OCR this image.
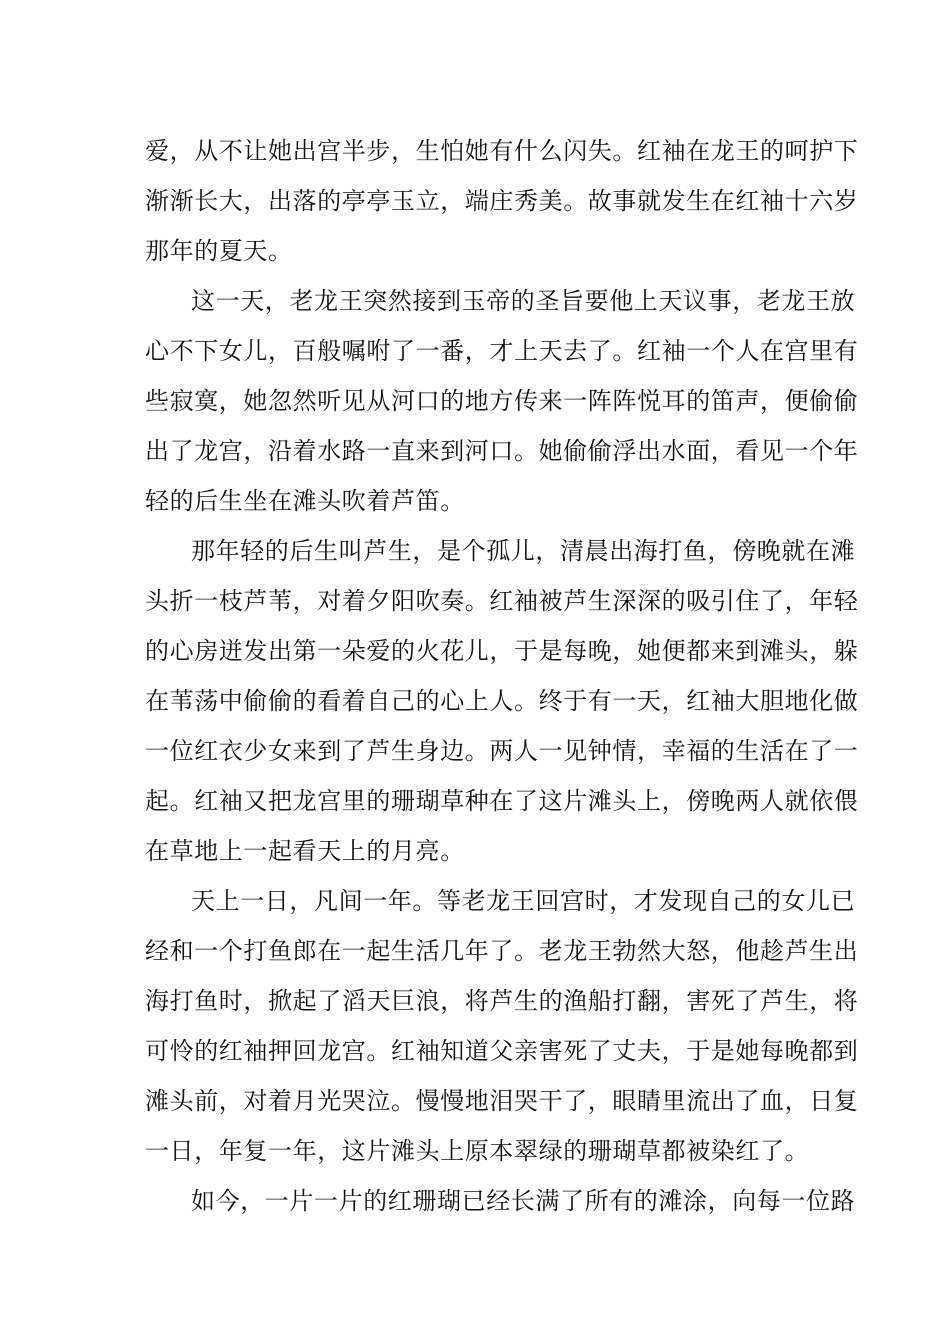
爱，从不让她出宫半步，生怕她有什么闪失。红袖在龙王的呵护下
渐渐长大，出落的亭亭玉立，端庄秀美。故事就发生在红袖十六岁
那年的夏天。
这一天，老龙王突然接到玉帝的圣旨要他上天议事，老龙王放
心不下女儿，百般嘱咐了一番，才上天去了。红袖一个人在宫里有
些寂寞，她忽然听见从河口的地方传来一阵阵悦耳的笛声，便偷偷
出了龙宫，沿着水路一直来到河口。她偷偷浮出水面，看见一个年
轻的后生坐在滩头吹着芦笛。
那年轻的后生叫芦生，是个孤儿，清晨出海打鱼，傍晚就在滩
头折一枝芦苇，对着夕阳吹奏。红袖被芦生深深的吸引住了，年轻
的心房迸发出第一朵爱的火花儿，于是每晚，她便都来到滩头，躲
在苇荡中偷偷的看着自己的心上人。终于有一天，红袖大胆地化做
一位红衣少女来到了芦生身边。两人一见钟情，幸福的生活在了一
起。红袖又把龙宫里的珊瑚草种在了这片滩头上，傍晚两人就依偎
在草地上一起看天上的月亮。
天上一日，凡间一年。等老龙王回宫时，才发现自己的女儿已
经和一个打鱼郎在一起生活几年了。老龙王勃然大怒，他趁芦生出
海打鱼时，掀起了滔天巨浪，将芦生的渔船打翻，害死了芦生，将
可怜的红袖押回龙宫。红袖知道父亲害死了丈夫，于是她每晚都到
滩头前，对着月光哭泣。慢慢地泪哭干了，眼睛里流出了血，日复
一日，年复一年，这片滩头上原本翠绿的珊瑚草都被染红了。
如今，一片一片的红珊瑚已经长满了所有的滩涂，向每一位路
